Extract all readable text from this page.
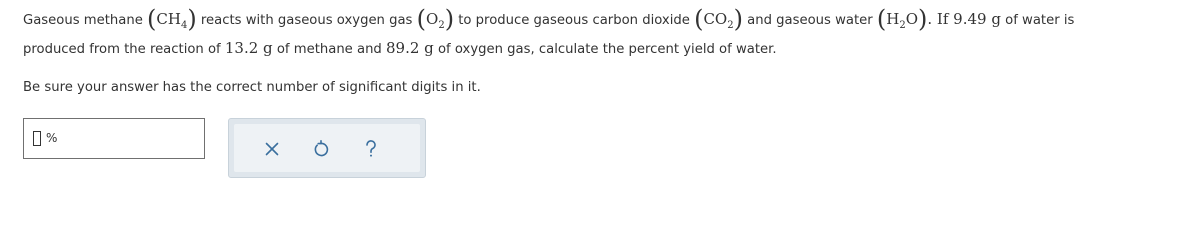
Gaseous methane $(CH_4)$ reacts with gaseous oxygen gas $(O_2)$ to produce gaseous carbon dioxide $(CO_2)$ and gaseous water $(H_2O)$. If 9.49 g of water is
produced from the reaction of 13.2 g of methane and 89.2 g of oxygen gas, calculate the percent yield of water.
Be sure your answer has the correct number of significant digits in it.
%
